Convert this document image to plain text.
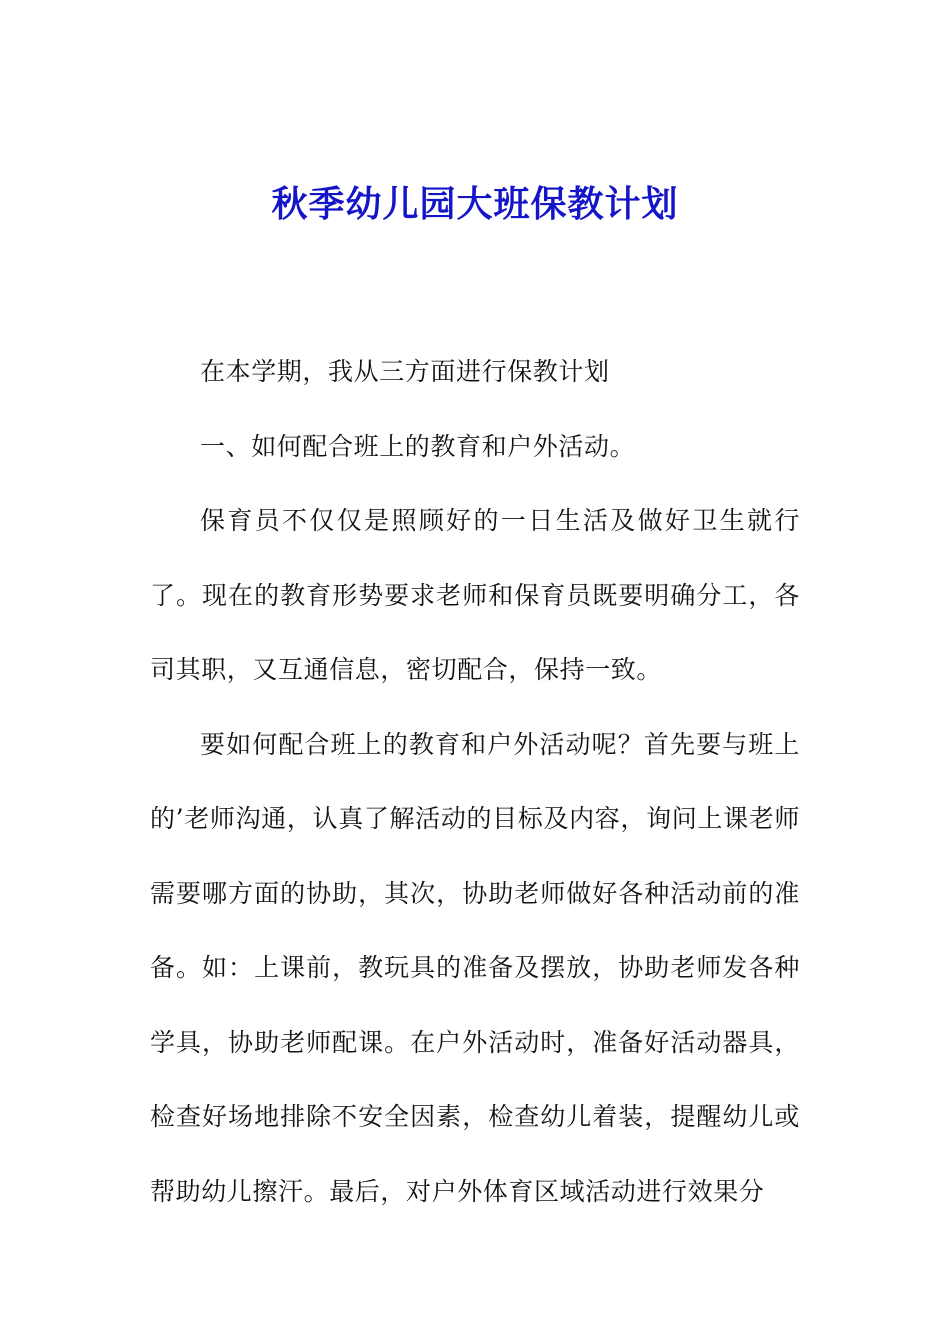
秋季幼儿园大班保教计划

在本学期，我从三方面进行保教计划

一、如何配合班上的教育和户外活动。

保育员不仅仅是照顾好的一日生活及做好卫生就行了。现在的教育形势要求老师和保育员既要明确分工，各司其职，又互通信息，密切配合，保持一致。

要如何配合班上的教育和户外活动呢？首先要与班上的’老师沟通，认真了解活动的目标及内容，询问上课老师需要哪方面的协助，其次，协助老师做好各种活动前的准备。如：上课前，教玩具的准备及摆放，协助老师发各种学具，协助老师配课。在户外活动时，准备好活动器具，检查好场地排除不安全因素，检查幼儿着装，提醒幼儿或帮助幼儿擦汗。最后，对户外体育区域活动进行效果分
